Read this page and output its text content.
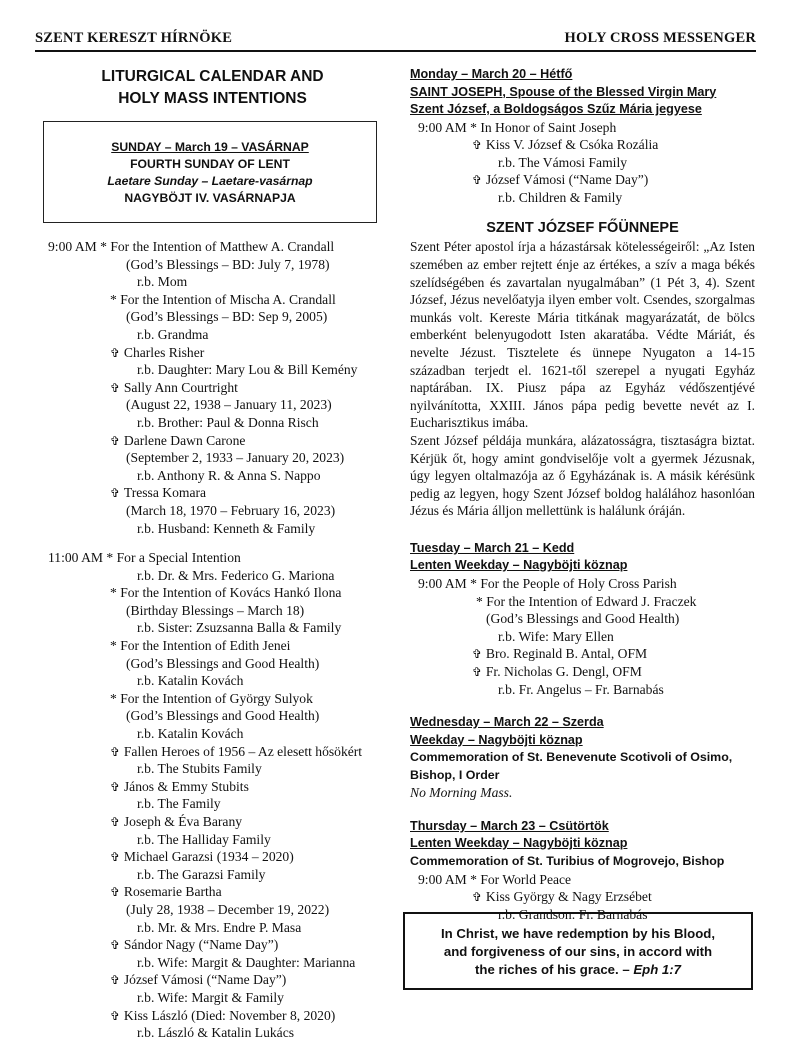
SZENT KERESZT HÍRNÖKE	HOLY CROSS MESSENGER
LITURGICAL CALENDAR AND
HOLY MASS INTENTIONS
SUNDAY – March 19 – VASÁRNAP
FOURTH SUNDAY OF LENT
Laetare Sunday – Laetare-vasárnap
NAGYBÖJT IV. VASÁRNAPJA
9:00 AM * For the Intention of Matthew A. Crandall
(God’s Blessings – BD: July 7, 1978)
r.b. Mom
* For the Intention of Mischa A. Crandall
(God’s Blessings – BD: Sep 9, 2005)
r.b. Grandma
✞ Charles Risher
r.b. Daughter: Mary Lou & Bill Kemény
✞ Sally Ann Courtright
(August 22, 1938 – January 11, 2023)
r.b. Brother: Paul & Donna Risch
✞ Darlene Dawn Carone
(September 2, 1933 – January 20, 2023)
r.b. Anthony R. & Anna S. Nappo
✞ Tressa Komara
(March 18, 1970 – February 16, 2023)
r.b. Husband: Kenneth & Family
11:00 AM * For a Special Intention
r.b. Dr. & Mrs. Federico G. Mariona
* For the Intention of Kovács Hankó Ilona
(Birthday Blessings – March 18)
r.b. Sister: Zsuzsanna Balla & Family
* For the Intention of Edith Jenei
(God’s Blessings and Good Health)
r.b. Katalin Kovách
* For the Intention of György Sulyok
(God’s Blessings and Good Health)
r.b. Katalin Kovách
✞ Fallen Heroes of 1956 – Az elesett hősökért
r.b. The Stubits Family
✞ János & Emmy Stubits
r.b. The Family
✞ Joseph & Éva Barany
r.b. The Halliday Family
✞ Michael Garazsi (1934 – 2020)
r.b. The Garazsi Family
✞ Rosemarie Bartha
(July 28, 1938 – December 19, 2022)
r.b. Mr. & Mrs. Endre P. Masa
✞ Sándor Nagy (“Name Day”)
r.b. Wife: Margit & Daughter: Marianna
✞ József Vámosi (“Name Day”)
r.b. Wife: Margit & Family
✞ Kiss László (Died: November 8, 2020)
r.b. László & Katalin Lukács
Monday – March 20 – Hétfő
SAINT JOSEPH, Spouse of the Blessed Virgin Mary
Szent József, a Boldogságos Szűz Mária jegyese
9:00 AM * In Honor of Saint Joseph
✞ Kiss V. József & Csóka Rozália
r.b. The Vámosi Family
✞ József Vámosi (“Name Day”)
r.b. Children & Family
SZENT JÓZSEF FŐÜNNEPE

Szent Péter apostol írja a házastársak kötelességeiről: „Az Isten szemében az ember rejtett énje az értékes, a szív a maga békés szelídségében és zavartalan nyugalmában” (1 Pét 3, 4). Szent József, Jézus nevelőatyja ilyen ember volt. Csendes, szorgalmas munkás volt. Kereste Mária titkának magyarázatát, de bölcs emberként belenyugodott Isten akaratába. Védte Máriát, és nevelte Jézust. Tisztelete és ünnepe Nyugaton a 14-15 században terjedt el. 1621-től szerepel a nyugati Egyház naptárában. IX. Piusz pápa az Egyház védőszentjévé nyilvánította, XXIII. János pápa pedig bevette nevét az I. Eucharisztikus imába.

Szent József példája munkára, alázatosságra, tisztaságra biztat. Kérjük őt, hogy amint gondviselője volt a gyermek Jézusnak, úgy legyen oltalmazója az ő Egyházának is. A másik kérésünk pedig az legyen, hogy Szent József boldog halálához hasonlóan Jézus és Mária álljon mellettünk is halálunk óráján.

Tuesday – March 21 – Kedd
Lenten Weekday – Nagyböjti köznap
9:00 AM * For the People of Holy Cross Parish
* For the Intention of Edward J. Fraczek
(God’s Blessings and Good Health)
r.b. Wife: Mary Ellen
✞ Bro. Reginald B. Antal, OFM
✞ Fr. Nicholas G. Dengl, OFM
r.b. Fr. Angelus – Fr. Barnabás
Wednesday – March 22 – Szerda
Weekday – Nagyböjti köznap
Commemoration of St. Benevenute Scotivoli of Osimo,
Bishop, I Order
No Morning Mass.
Thursday – March 23 – Csütörtök
Lenten Weekday – Nagyböjti köznap
Commemoration of St. Turibius of Mogrovejo, Bishop
9:00 AM * For World Peace
✞ Kiss György & Nagy Erzsébet
r.b. Grandson: Fr. Barnabás
In Christ, we have redemption by his Blood,
and forgiveness of our sins, in accord with
the riches of his grace. – Eph 1:7
